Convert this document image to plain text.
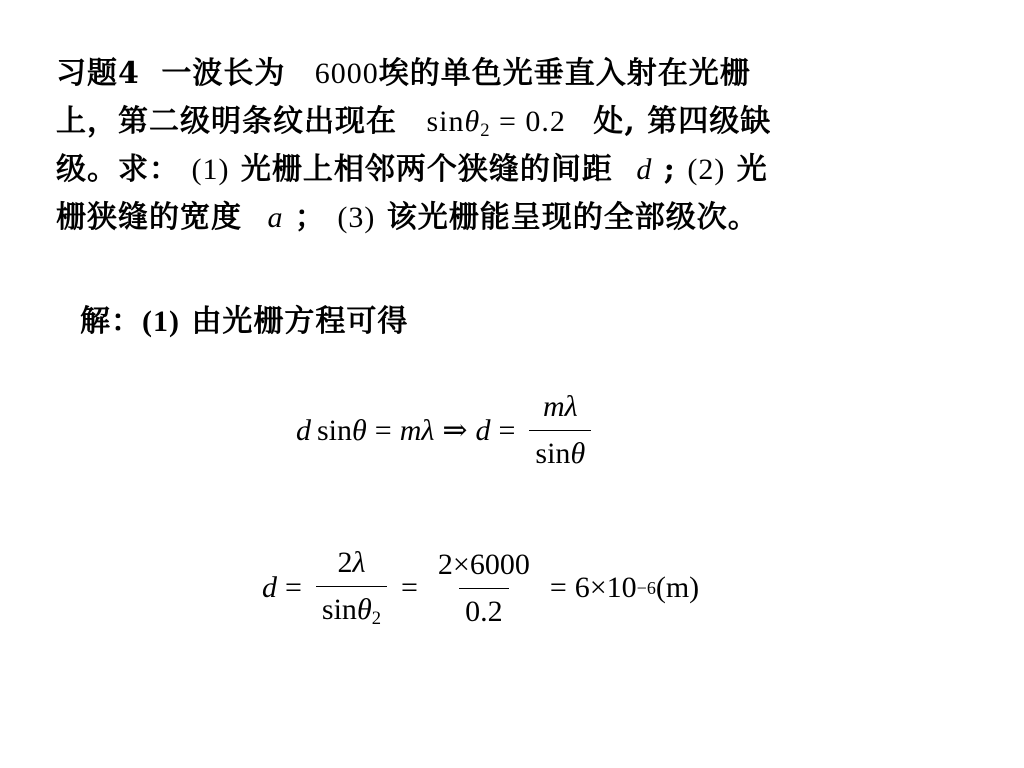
习题4 一波长为 6000埃的单色光垂直入射在光栅
上，第二级明条纹出现在 sinθ$_2$ = 0.2 处, 第四级缺
级。求： (1) 光栅上相邻两个狭缝的间距 d ; (2) 光
栅狭缝的宽度 a ； (3) 该光栅能呈现的全部级次。
解：(1) 由光栅方程可得
d sin θ = m λ ⇒ $d = \frac{m\lambda}{\sin\theta}$
$d = \frac{2\lambda}{\sin\theta_2} = \frac{2\times 6000}{0.2} = 6\times 10 -6$ (m)
